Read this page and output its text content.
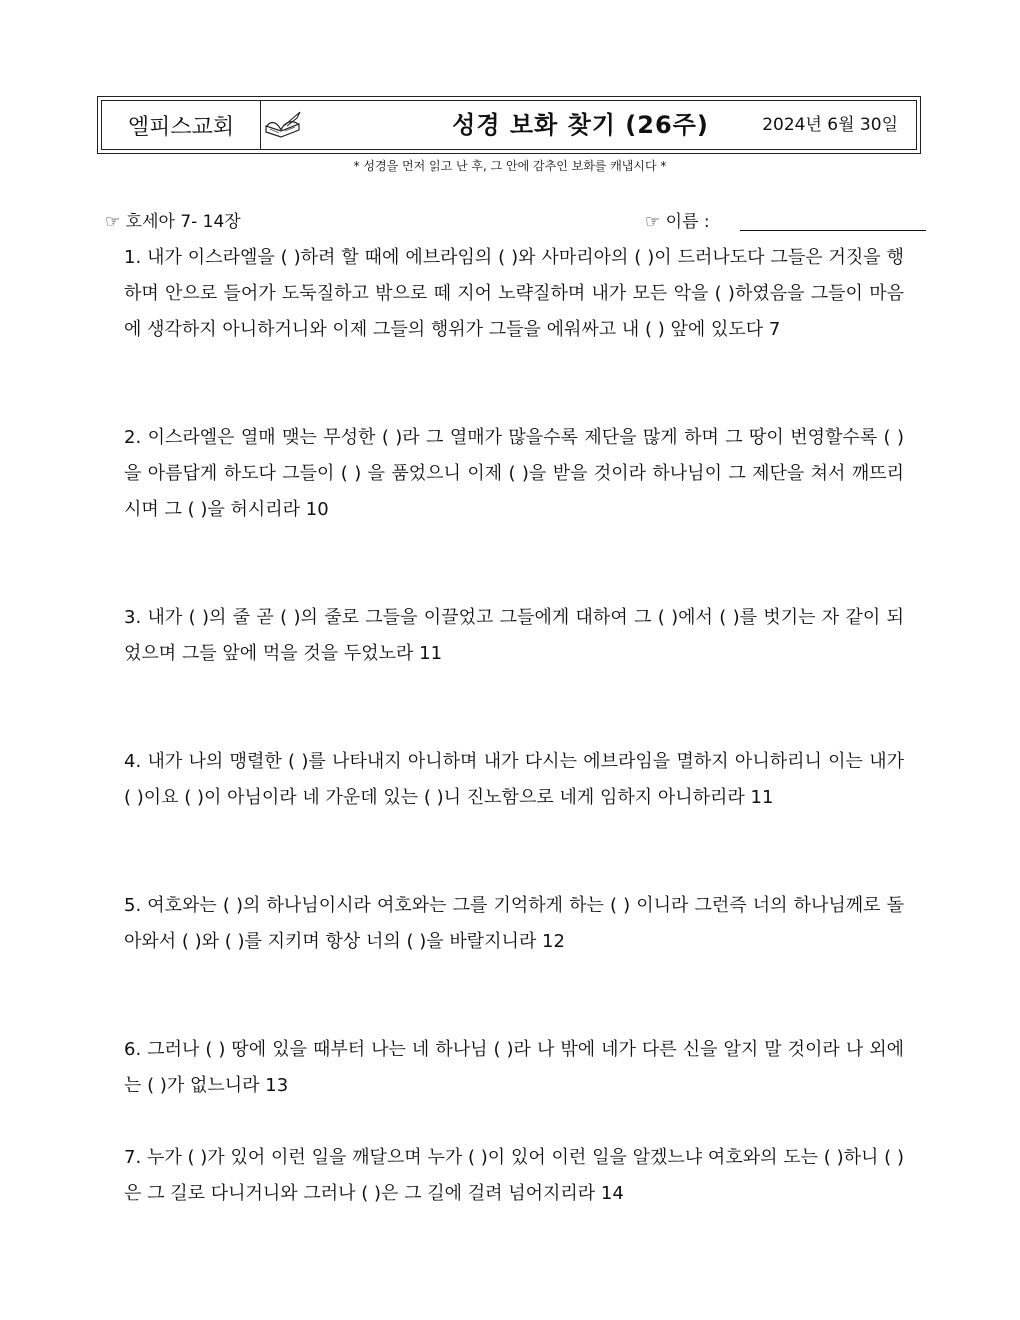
엘피스교회	성경 보화 찾기 (26주)	2024년 6월 30일
* 성경을 먼저 읽고 난 후, 그 안에 감추인 보화를 캐냅시다 *
☞ 호세아 7- 14장	☞ 이름 :
1. 내가 이스라엘을 ( )하려 할 때에 에브라임의 ( )와 사마리아의 ( )이 드러나도다 그들은 거짓을 행하며 안으로 들어가 도둑질하고 밖으로 떼 지어 노략질하며 내가 모든 악을 ( )하였음을 그들이 마음에 생각하지 아니하거니와 이제 그들의 행위가 그들을 에워싸고 내 ( ) 앞에 있도다 7
2. 이스라엘은 열매 맺는 무성한 ( )라 그 열매가 많을수록 제단을 많게 하며 그 땅이 번영할수록 ( )을 아름답게 하도다 그들이 ( ) 을 품었으니 이제 ( )을 받을 것이라 하나님이 그 제단을 쳐서 깨뜨리시며 그 ( )을 허시리라 10
3. 내가 ( )의 줄 곧 ( )의 줄로 그들을 이끌었고 그들에게 대하여 그 ( )에서 ( )를 벗기는 자 같이 되었으며 그들 앞에 먹을 것을 두었노라 11
4. 내가 나의 맹렬한 ( )를 나타내지 아니하며 내가 다시는 에브라임을 멸하지 아니하리니 이는 내가 ( )이요 ( )이 아님이라 네 가운데 있는 ( )니 진노함으로 네게 임하지 아니하리라 11
5. 여호와는 ( )의 하나님이시라 여호와는 그를 기억하게 하는 ( ) 이니라 그런즉 너의 하나님께로 돌아와서 ( )와 ( )를 지키며 항상 너의 ( )을 바랄지니라 12
6. 그러나 ( ) 땅에 있을 때부터 나는 네 하나님 ( )라 나 밖에 네가 다른 신을 알지 말 것이라 나 외에는 ( )가 없느니라 13
7. 누가 ( )가 있어 이런 일을 깨달으며 누가 ( )이 있어 이런 일을 알겠느냐 여호와의 도는 ( )하니 ( )은 그 길로 다니거니와 그러나 ( )은 그 길에 걸려 넘어지리라 14
